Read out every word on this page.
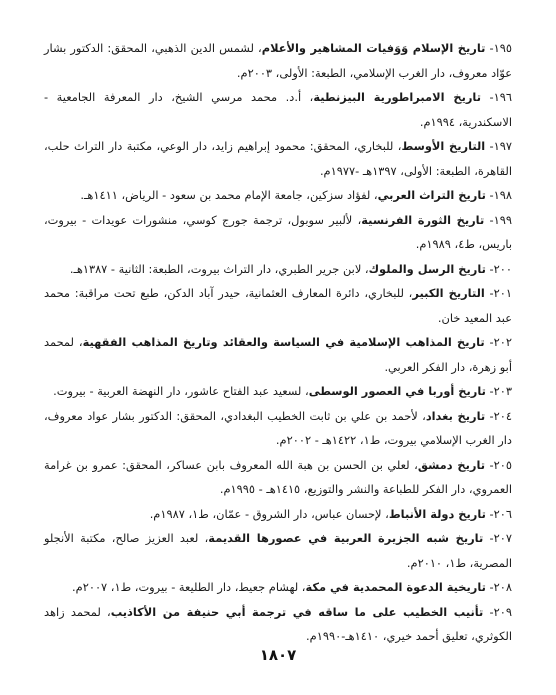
١٩٥- تاريخ الإسلام وَوَفيات المشاهير والأعلام، لشمس الدين الذهبي، المحقق: الدكتور بشار عوّاد معروف، دار الغرب الإسلامي، الطبعة: الأولى، ٢٠٠٣م.

١٩٦- تاريخ الامبراطورية البيزنطية، أ.د. محمد مرسي الشيخ، دار المعرفة الجامعية - الاسكندرية، ١٩٩٤م.

١٩٧- التاريخ الأوسط، للبخاري، المحقق: محمود إبراهيم زايد، دار الوعي، مكتبة دار التراث حلب، القاهرة، الطبعة: الأولى، ١٣٩٧هـ -١٩٧٧م.

١٩٨- تاريخ التراث العربي، لفؤاد سزكين، جامعة الإمام محمد بن سعود - الرياض، ١٤١١هـ.

١٩٩- تاريخ الثورة الفرنسية، لألبير سوبول، ترجمة جورج كوسي، منشورات عويدات - بيروت، باريس، ط٤، ١٩٨٩م.

٢٠٠- تاريخ الرسل والملوك، لابن جرير الطبري، دار التراث بيروت، الطبعة: الثانية - ١٣٨٧هـ.

٢٠١- التاريخ الكبير، للبخاري، دائرة المعارف العثمانية، حيدر آباد الدكن، طبع تحت مراقبة: محمد عبد المعيد خان.

٢٠٢- تاريخ المذاهب الإسلامية في السياسة والعقائد وتاريخ المذاهب الفقهية، لمحمد أبو زهرة، دار الفكر العربي.

٢٠٣- تاريخ أوربا في العصور الوسطى، لسعيد عبد الفتاح عاشور، دار النهضة العربية - بيروت.

٢٠٤- تاريخ بغداد، لأحمد بن علي بن ثابت الخطيب البغدادي، المحقق: الدكتور بشار عواد معروف، دار الغرب الإسلامي بيروت، ط١، ١٤٢٢هـ - ٢٠٠٢م.

٢٠٥- تاريخ دمشق، لعلي بن الحسن بن هبة الله المعروف بابن عساكر، المحقق: عمرو بن غرامة العمروي، دار الفكر للطباعة والنشر والتوزيع، ١٤١٥هـ - ١٩٩٥م.

٢٠٦- تاريخ دولة الأنباط، لإحسان عباس، دار الشروق - عمّان، ط١، ١٩٨٧م.

٢٠٧- تاريخ شبه الجزيرة العربية في عصورها القديمة، لعبد العزيز صالح، مكتبة الأنجلو المصرية، ط١، ٢٠١٠م.

٢٠٨- تاريخية الدعوة المحمدية في مكة، لهشام جعيط، دار الطليعة - بيروت، ط١، ٢٠٠٧م.

٢٠٩- تأنيب الخطيب على ما ساقه في ترجمة أبي حنيفة من الأكاذيب، لمحمد زاهد الكوثري، تعليق أحمد خيري، ١٤١٠هـ-١٩٩٠م.

١٨٠٧
